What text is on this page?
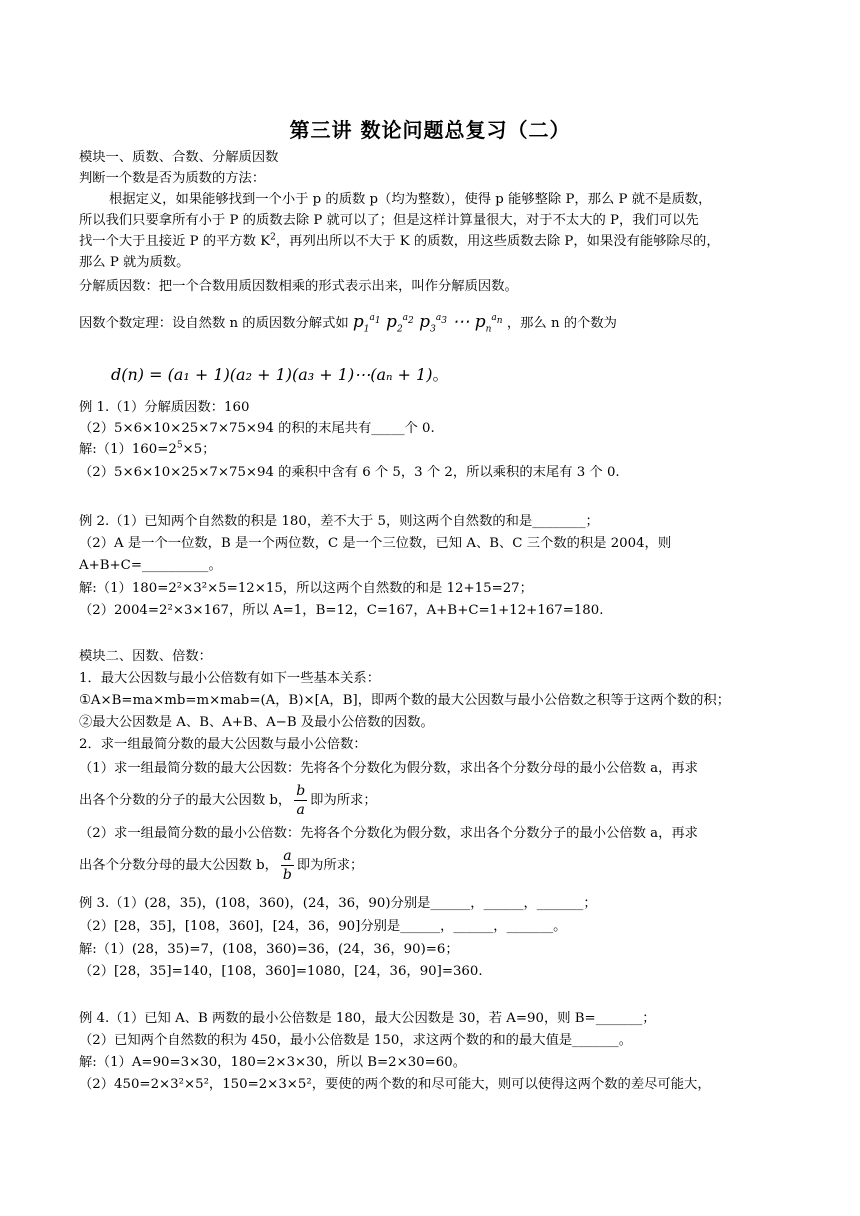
第三讲 数论问题总复习（二）
模块一、质数、合数、分解质因数
判断一个数是否为质数的方法：
根据定义，如果能够找到一个小于 p 的质数 p（均为整数），使得 p 能够整除 P，那么 P 就不是质数，
所以我们只要拿所有小于 P 的质数去除 P 就可以了；但是这样计算量很大，对于不太大的 P，我们可以先
找一个大于且接近 P 的平方数 $K^2$，再列出所以不大于 K 的质数，用这些质数去除 P，如果没有能够除尽的，
那么 P 就为质数。
分解质因数：把一个合数用质因数相乘的形式表示出来，叫作分解质因数。
因数个数定理：设自然数 n 的质因数分解式如 $p_1^{a_1}$ $p_2^{a_2}$ $p_3^{a_3}$ ⋯ $p_n^{a_n}$ ，那么 n 的个数为
d(n) = (a₁ + 1)(a₂ + 1)(a₃ + 1)⋯(aₙ + 1)。
例 1.（1）分解质因数：160
（2）5×6×10×25×7×75×94 的积的末尾共有_____个 0.
解$:(1)160=2^5\times 5$；
（2）5×6×10×25×7×75×94 的乘积中含有 6 个 5，3 个 2，所以乘积的末尾有 3 个 0.
例 2.（1）已知两个自然数的积是 180，差不大于 5，则这两个自然数的和是________；
（2）A 是一个一位数，B 是一个两位数，C 是一个三位数，已知 A、B、C 三个数的积是 2004，则
A+B+C=__________。
解:（1）180=2²×3²×5=12×15，所以这两个自然数的和是 12+15=27；
（2）2004=2²×3×167，所以 A=1，B=12，C=167，A+B+C=1+12+167=180.
模块二、因数、倍数：
1．最大公因数与最小公倍数有如下一些基本关系：
①A×B=ma×mb=m×mab=(A，B)×[A，B]，即两个数的最大公因数与最小公倍数之积等于这两个数的积；
②最大公因数是 A、B、A+B、A−B 及最小公倍数的因数。
2．求一组最简分数的最大公因数与最小公倍数：
（1）求一组最简分数的最大公因数：先将各个分数化为假分数，求出各个分数分母的最小公倍数 a，再求
出各个分数的分子的最大公因数 b， $\frac{b}{a}$ 即为所求；
（2）求一组最简分数的最小公倍数：先将各个分数化为假分数，求出各个分数分子的最小公倍数 a，再求
出各个分数分母的最大公因数 b， $\frac{a}{b}$ 即为所求；
例 3.（1）(28，35)，(108，360)，(24，36，90)分别是______，______，_______；
（2）[28，35]，[108，360]，[24，36，90]分别是______，______，_______。
解:（1）(28，35)=7，(108，360)=36，(24，36，90)=6；
（2）[28，35]=140，[108，360]=1080，[24，36，90]=360.
例 4.（1）已知 A、B 两数的最小公倍数是 180，最大公因数是 30，若 A=90，则 B=_______；
（2）已知两个自然数的积为 450，最小公倍数是 150，求这两个数的和的最大值是_______。
解:（1）A=90=3×30，180=2×3×30，所以 B=2×30=60。
（2）450=2×3²×5²，150=2×3×5²，要使的两个数的和尽可能大，则可以使得这两个数的差尽可能大，
